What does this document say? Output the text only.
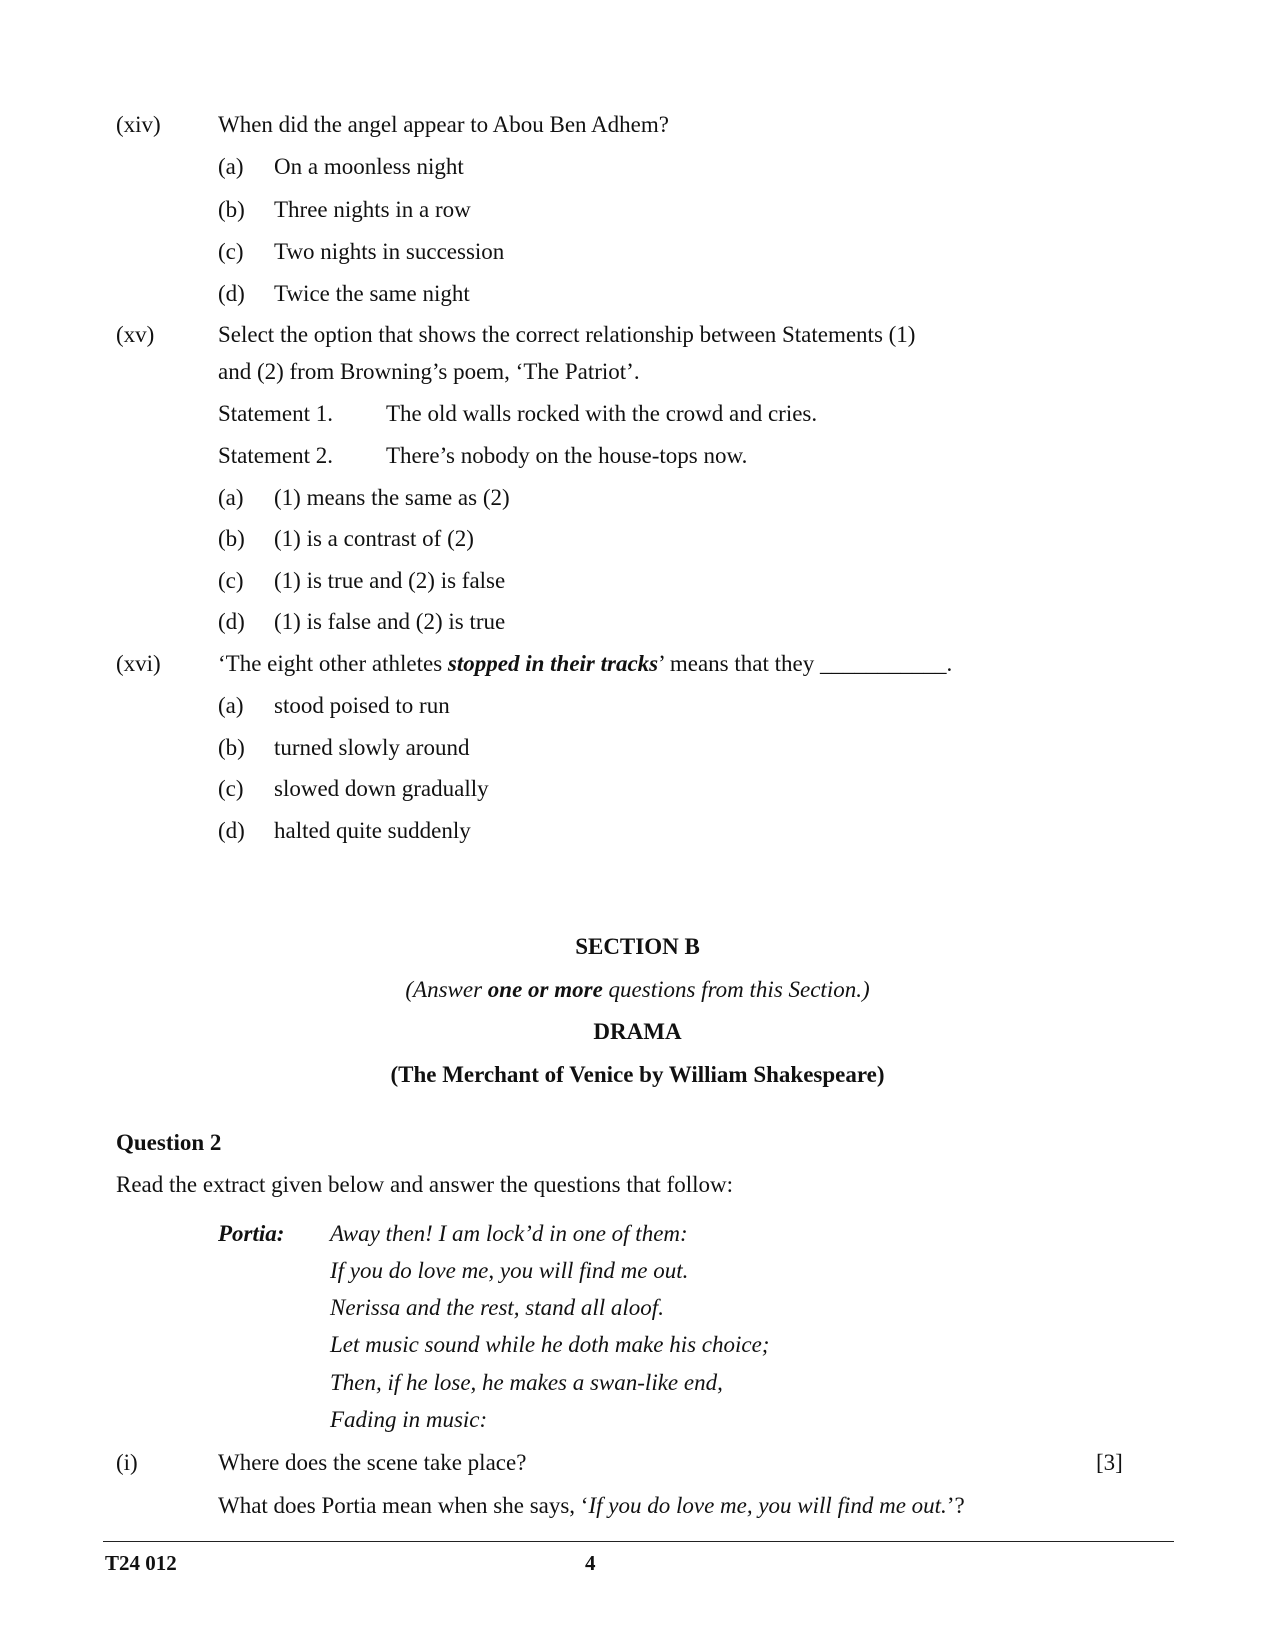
(xiv) When did the angel appear to Abou Ben Adhem?
(a) On a moonless night
(b) Three nights in a row
(c) Two nights in succession
(d) Twice the same night
(xv)	Select the option that shows the correct relationship between Statements (1)
and (2) from Browning’s poem, ‘The Patriot’.
Statement 1. The old walls rocked with the crowd and cries.
Statement 2. There’s nobody on the house-tops now.
(a) (1) means the same as (2)
(b) (1) is a contrast of (2)
(c) (1) is true and (2) is false
(d) (1) is false and (2) is true
(xvi) ‘The eight other athletes stopped in their tracks’ means that they ___________.
(a) stood poised to run
(b) turned slowly around
(c) slowed down gradually
(d) halted quite suddenly
SECTION B
(Answer one or more questions from this Section.)
DRAMA
(The Merchant of Venice by William Shakespeare)
Question 2
Read the extract given below and answer the questions that follow:
Portia: Away then! I am lock’d in one of them:
If you do love me, you will find me out.
Nerissa and the rest, stand all aloof.
Let music sound while he doth make his choice;
Then, if he lose, he makes a swan-like end,
Fading in music:
(i)	Where does the scene take place?	[3]
What does Portia mean when she says, ‘If you do love me, you will find me out.’?
T24 012	4
